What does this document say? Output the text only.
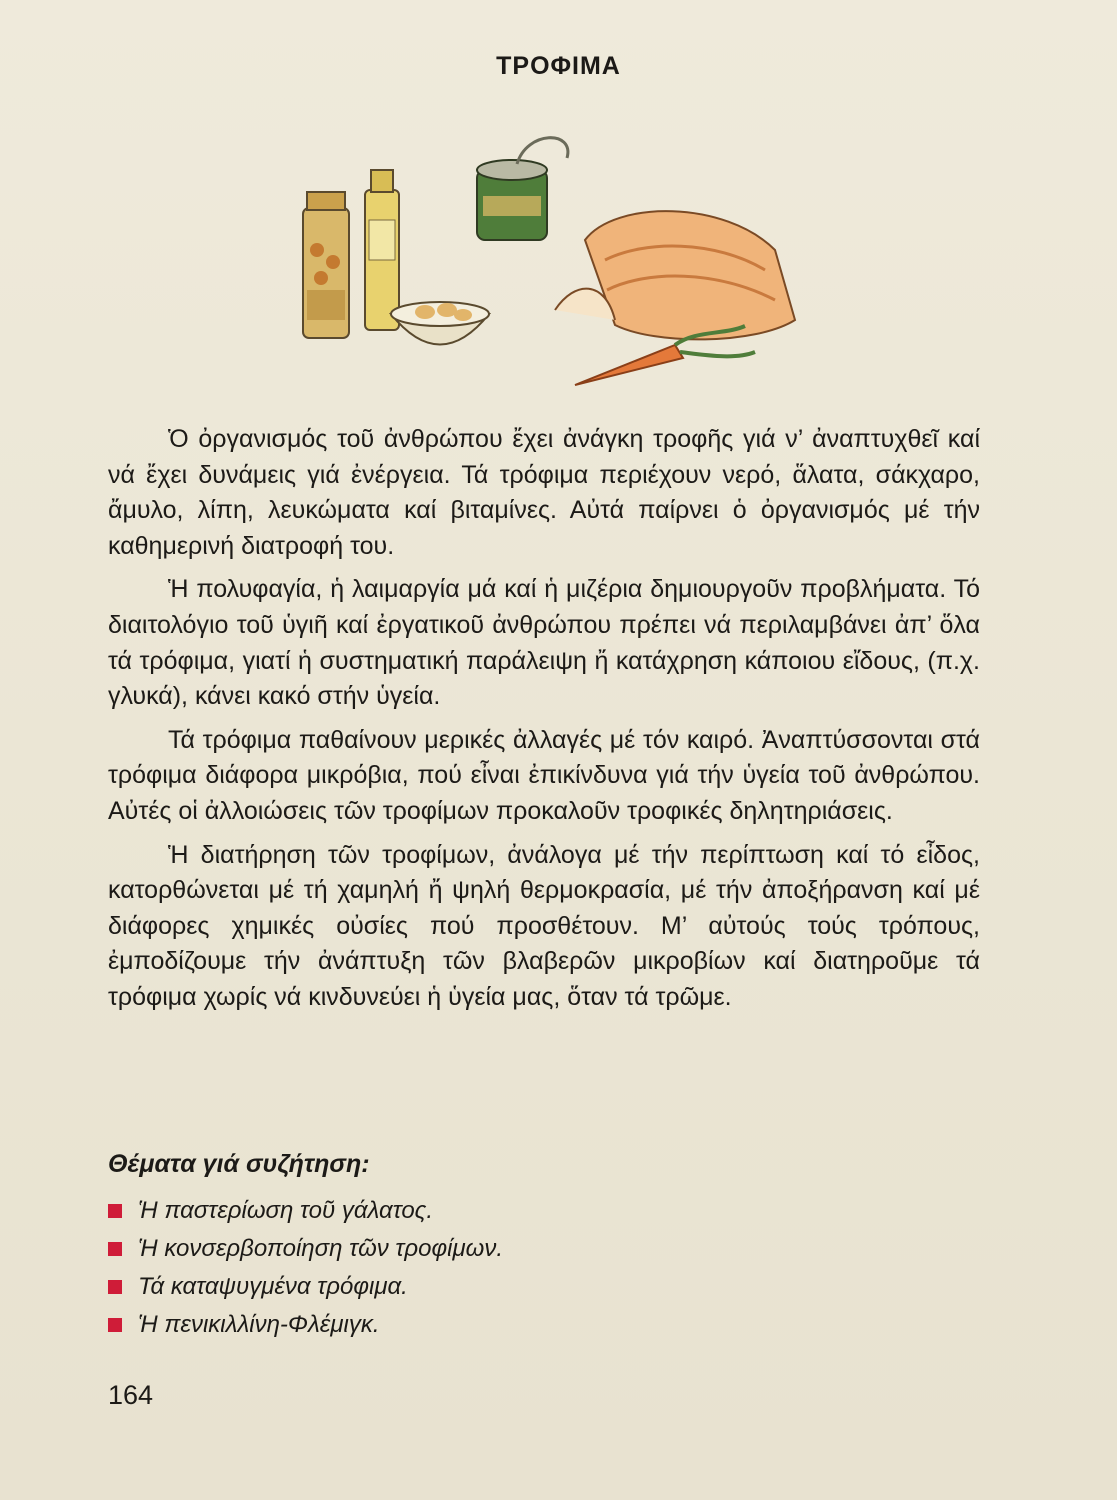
ΤΡΟΦΙΜΑ

Ὁ ὀργανισμός τοῦ ἀνθρώπου ἔχει ἀνάγκη τροφῆς γιά ν’ ἀναπτυχθεῖ καί νά ἔχει δυνάμεις γιά ἐνέργεια. Τά τρόφιμα περιέχουν νερό, ἅλατα, σάκχαρο, ἄμυλο, λίπη, λευκώματα καί βιταμίνες. Αὐτά παίρνει ὁ ὀργανισμός μέ τήν καθημερινή διατροφή του.

Ἡ πολυφαγία, ἡ λαιμαργία μά καί ἡ μιζέρια δημιουργοῦν προβλήματα. Τό διαιτολόγιο τοῦ ὑγιῆ καί ἐργατικοῦ ἀνθρώπου πρέπει νά περιλαμβάνει ἀπ’ ὅλα τά τρόφιμα, γιατί ἡ συστηματική παράλειψη ἤ κατάχρηση κάποιου εἴδους, (π.χ. γλυκά), κάνει κακό στήν ὑγεία.

Τά τρόφιμα παθαίνουν μερικές ἀλλαγές μέ τόν καιρό. Ἀναπτύσσονται στά τρόφιμα διάφορα μικρόβια, πού εἶναι ἐπικίνδυνα γιά τήν ὑγεία τοῦ ἀνθρώπου. Αὐτές οἱ ἀλλοιώσεις τῶν τροφίμων προκαλοῦν τροφικές δηλητηριάσεις.

Ἡ διατήρηση τῶν τροφίμων, ἀνάλογα μέ τήν περίπτωση καί τό εἶδος, κατορθώνεται μέ τή χαμηλή ἤ ψηλή θερμοκρασία, μέ τήν ἀποξήρανση καί μέ διάφορες χημικές οὐσίες πού προσθέτουν. Μ’ αὐτούς τούς τρόπους, ἐμποδίζουμε τήν ἀνάπτυξη τῶν βλαβερῶν μικροβίων καί διατηροῦμε τά τρόφιμα χωρίς νά κινδυνεύει ἡ ὑγεία μας, ὅταν τά τρῶμε.

Θέματα γιά συζήτηση:
Ἡ παστερίωση τοῦ γάλατος.
Ἡ κονσερβοποίηση τῶν τροφίμων.
Τά καταψυγμένα τρόφιμα.
Ἡ πενικιλλίνη-Φλέμιγκ.
164
